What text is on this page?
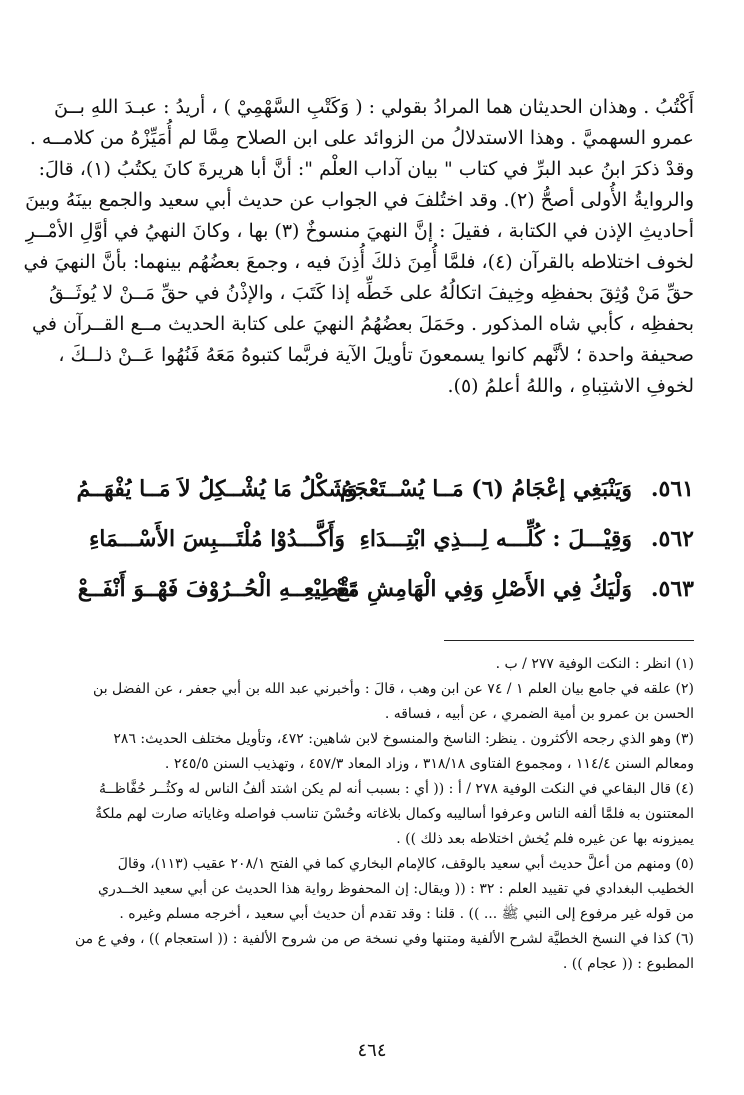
أَكْتُبُ . وهذان الحديثان هما المرادُ بقولي : ( وَكَتْبِ السَّهْمِيْ ) ، أريدُ : عبـدَ اللهِ بــنَ
عمرو السهميَّ . وهذا الاستدلالُ من الزوائد على ابن الصلاح مِمَّا لم أُمَيِّزْهُ من كلامــه .
وقدْ ذكرَ ابنُ عبد البرِّ في كتاب " بيان آداب العلْم ": أنَّ أبا هريرةَ كانَ يكتُبُ (١)، قالَ:
والروايةُ الأُولى أصحُّ (٢). وقد اختُلفَ في الجواب عن حديث أبي سعيد والجمع بينَهُ وبينَ
أحاديثِ الإذن في الكتابة ، فقيلَ : إنَّ النهيَ منسوخٌ (٣) بها ، وكانَ النهيُ في أوَّلِ الأمْــرِ
لخوف اختلاطه بالقرآن (٤)، فلمَّا أُمِنَ ذلكَ أُذِنَ فيه ، وجمعَ بعضُهُم بينهما: بأنَّ النهيَ في
حقِّ مَنْ وُثِقَ بحفظِه وخِيفَ اتكالُهُ على خَطِّه إذا كَتَبَ ، والإذْنُ في حقِّ مَــنْ لا يُوثَــقُ
بحفظِه ، كأبي شاه المذكور . وحَمَلَ بعضُهُمُ النهيَ على كتابة الحديث مــع القــرآن في
صحيفة واحدة ؛ لأنَّهم كانوا يسمعونَ تأويلَ الآية فربَّما كتبوهُ مَعَهُ فَنُهُوا عَــنْ ذلــكَ ،
لخوفِ الاشتِباهِ ، واللهُ أعلمُ (٥).
٥٦١.
وَيَنْبَغِي إعْجَامُ (٦) مَــا يُسْــتَعْجَمُ
وَشَكْلُ مَا يُشْــكِلُ لاَ مَــا يُفْهَــمُ
٥٦٢.
وَقِيْـــلَ : كُلِّـــه لِـــذِي ابْتِـــدَاءِ
وَأَكَّـــدُوْا مُلْتَـــبِسَ الأَسْـــمَاءِ
٥٦٣.
وَلْيَكُ فِي الأَصْلِ وَفِي الْهَامِشِ مَعْ
تَقْطِيْعِــهِ الْحُــرُوْفَ فَهْــوَ أَنْفَــعْ
(١) انظر : النكت الوفية ٢٧٧ / ب .
(٢) علقه في جامع بيان العلم ١ / ٧٤ عن ابن وهب ، قالَ : وأخبرني عبد الله بن أبي جعفر ، عن الفضل بن
الحسن بن عمرو بن أمية الضمري ، عن أبيه ، فساقه .
(٣) وهو الذي رجحه الأكثرون . ينظر: الناسخ والمنسوخ لابن شاهين: ٤٧٢، وتأويل مختلف الحديث: ٢٨٦
ومعالم السنن ١١٤/٤ ، ومجموع الفتاوى ٣١٨/١٨ ، وزاد المعاد ٤٥٧/٣ ، وتهذيب السنن ٢٤٥/٥ .
(٤) قال البقاعي في النكت الوفية ٢٧٨ / أ : (( أي : بسبب أنه لم يكن اشتد ألفُ الناس له وكثُــر حُفَّاظــهُ
المعتنون به فلمَّا ألفه الناس وعرفوا أساليبه وكمال بلاغاته وحُسْنَ تناسب فواصله وغاياته صارت لهم ملكةٌ
يميزونه بها عن غيره فلم يُخش اختلاطه بعد ذلك )) .
(٥) ومنهم من أعلَّ حديث أبي سعيد بالوقف، كالإمام البخاري كما في الفتح ٢٠٨/١ عقيب (١١٣)، وقالَ
الخطيب البغدادي في تقييد العلم : ٣٢ : (( ويقال: إن المحفوظ رواية هذا الحديث عن أبي سعيد الخــدري
من قوله غير مرفوع إلى النبي ﷺ ... )) . قلنا : وقد تقدم أن حديث أبي سعيد ، أخرجه مسلم وغيره .
(٦) كذا في النسخ الخطيَّة لشرح الألفية ومتنها وفي نسخة ص من شروح الألفية : (( استعجام )) ، وفي ع من
المطبوع : (( عجام )) .
٤٦٤
